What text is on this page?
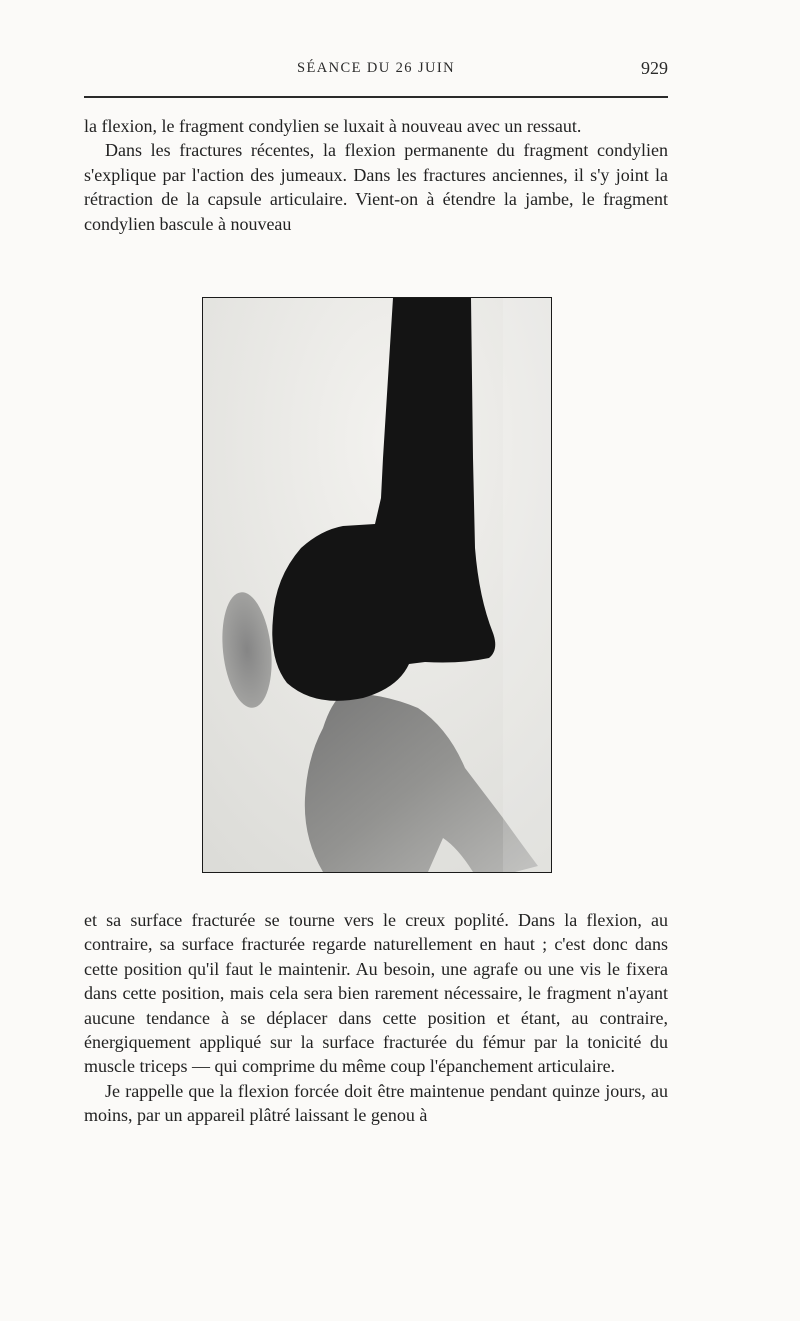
SÉANCE DU 26 JUIN	929

la flexion, le fragment condylien se luxait à nouveau avec un ressaut.

Dans les fractures récentes, la flexion permanente du fragment condylien s'explique par l'action des jumeaux. Dans les fractures anciennes, il s'y joint la rétraction de la capsule articulaire. Vient-on à étendre la jambe, le fragment condylien bascule à nouveau

et sa surface fracturée se tourne vers le creux poplité. Dans la flexion, au contraire, sa surface fracturée regarde naturellement en haut ; c'est donc dans cette position qu'il faut le maintenir. Au besoin, une agrafe ou une vis le fixera dans cette position, mais cela sera bien rarement nécessaire, le fragment n'ayant aucune tendance à se déplacer dans cette position et étant, au contraire, énergiquement appliqué sur la surface fracturée du fémur par la tonicité du muscle triceps — qui comprime du même coup l'épanchement articulaire.

Je rappelle que la flexion forcée doit être maintenue pendant quinze jours, au moins, par un appareil plâtré laissant le genou à
